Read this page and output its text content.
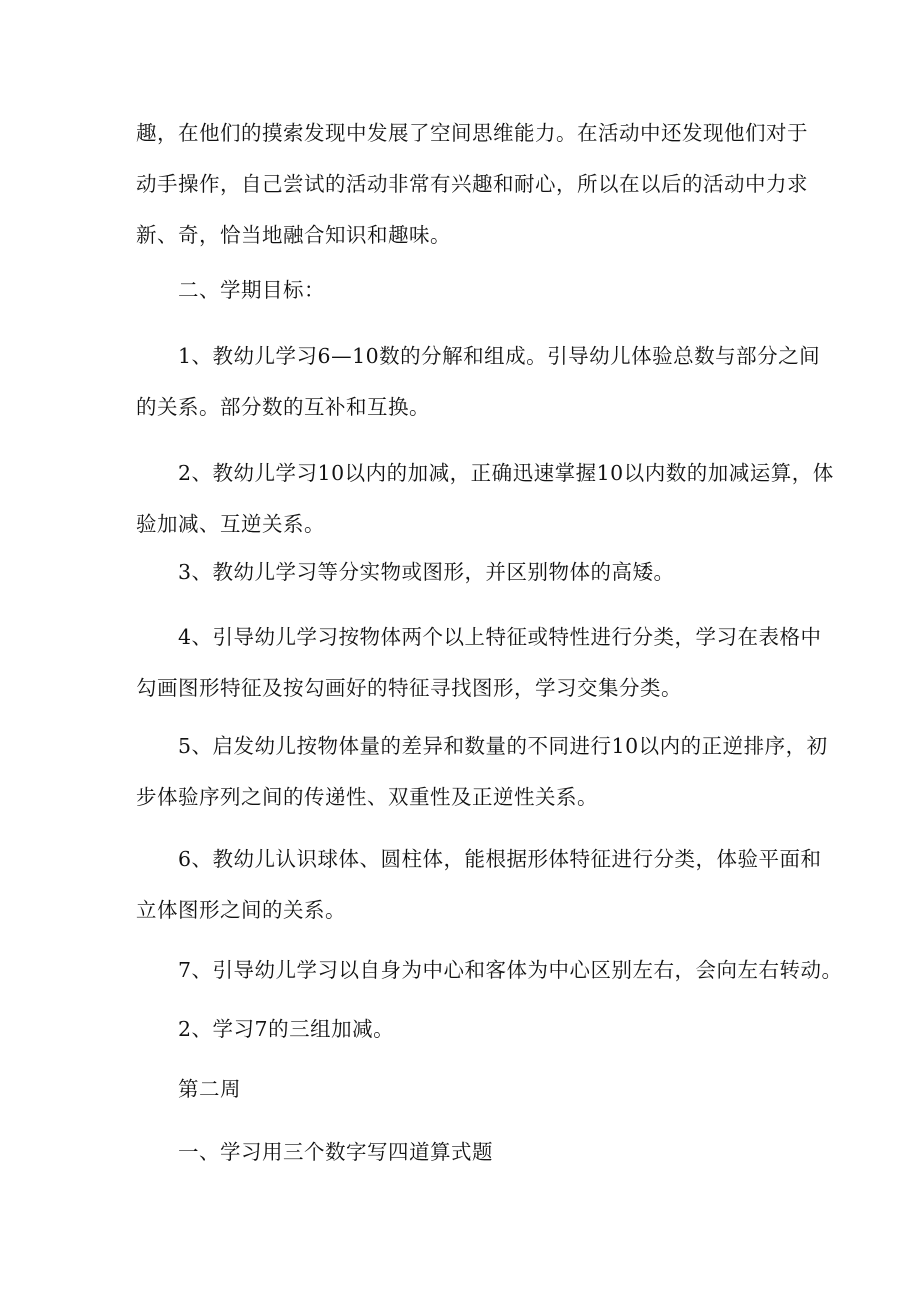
趣，在他们的摸索发现中发展了空间思维能力。在活动中还发现他们对于
动手操作，自己尝试的活动非常有兴趣和耐心，所以在以后的活动中力求
新、奇，恰当地融合知识和趣味。

二、学期目标：

1、教幼儿学习6—10数的分解和组成。引导幼儿体验总数与部分之间
的关系。部分数的互补和互换。

2、教幼儿学习10以内的加减，正确迅速掌握10以内数的加减运算，体
验加减、互逆关系。

3、教幼儿学习等分实物或图形，并区别物体的高矮。

4、引导幼儿学习按物体两个以上特征或特性进行分类，学习在表格中
勾画图形特征及按勾画好的特征寻找图形，学习交集分类。

5、启发幼儿按物体量的差异和数量的不同进行10以内的正逆排序，初
步体验序列之间的传递性、双重性及正逆性关系。

6、教幼儿认识球体、圆柱体，能根据形体特征进行分类，体验平面和
立体图形之间的关系。

7、引导幼儿学习以自身为中心和客体为中心区别左右，会向左右转动。

2、学习7的三组加减。

第二周

一、学习用三个数字写四道算式题
